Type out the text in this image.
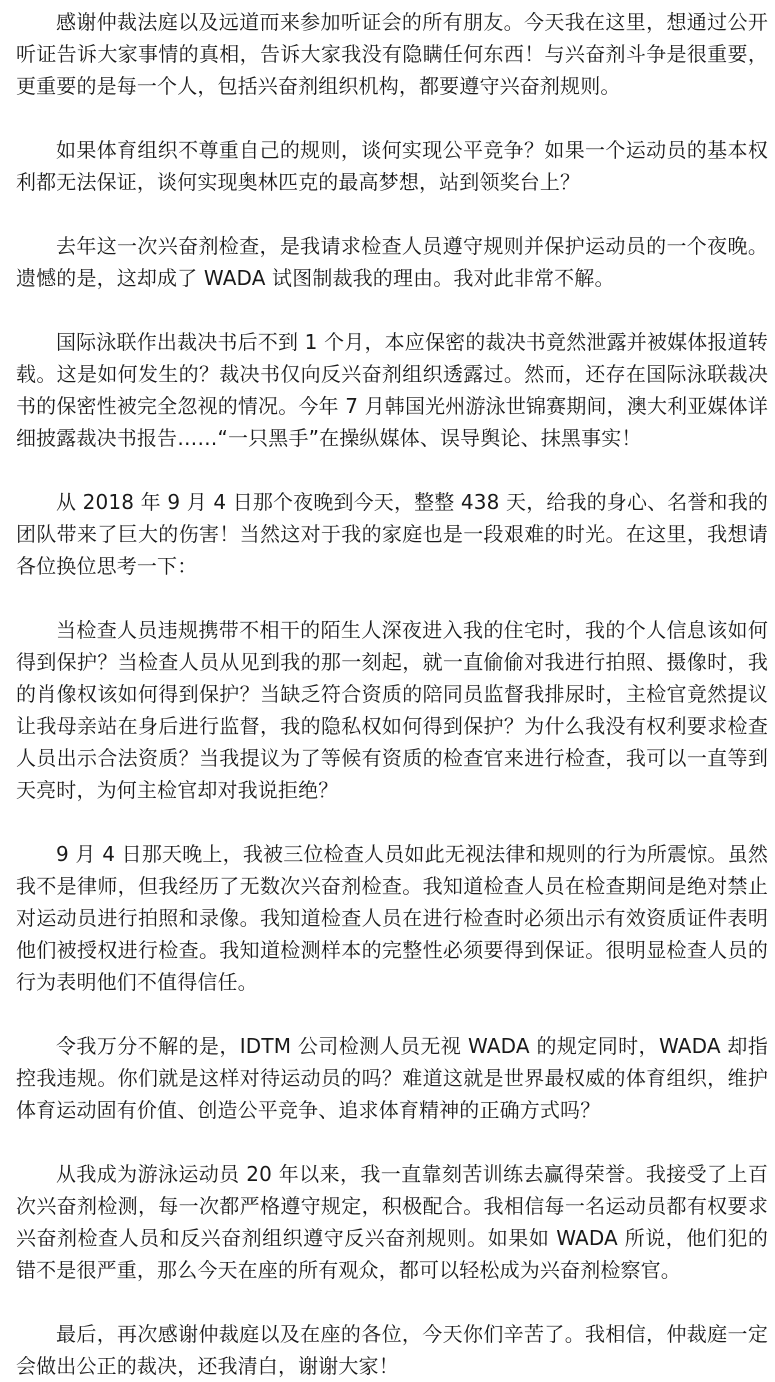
感谢仲裁法庭以及远道而来参加听证会的所有朋友。今天我在这里，想通过公开听证告诉大家事情的真相，告诉大家我没有隐瞒任何东西！与兴奋剂斗争是很重要，更重要的是每一个人，包括兴奋剂组织机构，都要遵守兴奋剂规则。

如果体育组织不尊重自己的规则，谈何实现公平竞争？如果一个运动员的基本权利都无法保证，谈何实现奥林匹克的最高梦想，站到领奖台上？

去年这一次兴奋剂检查，是我请求检查人员遵守规则并保护运动员的一个夜晚。遗憾的是，这却成了 WADA 试图制裁我的理由。我对此非常不解。

国际泳联作出裁决书后不到 1 个月，本应保密的裁决书竟然泄露并被媒体报道转载。这是如何发生的？裁决书仅向反兴奋剂组织透露过。然而，还存在国际泳联裁决书的保密性被完全忽视的情况。今年 7 月韩国光州游泳世锦赛期间，澳大利亚媒体详细披露裁决书报告……“一只黑手”在操纵媒体、误导舆论、抹黑事实！

从 2018 年 9 月 4 日那个夜晚到今天，整整 438 天，给我的身心、名誉和我的团队带来了巨大的伤害！当然这对于我的家庭也是一段艰难的时光。在这里，我想请各位换位思考一下：

当检查人员违规携带不相干的陌生人深夜进入我的住宅时，我的个人信息该如何得到保护？当检查人员从见到我的那一刻起，就一直偷偷对我进行拍照、摄像时，我的肖像权该如何得到保护？当缺乏符合资质的陪同员监督我排尿时，主检官竟然提议让我母亲站在身后进行监督，我的隐私权如何得到保护？为什么我没有权利要求检查人员出示合法资质？当我提议为了等候有资质的检查官来进行检查，我可以一直等到天亮时，为何主检官却对我说拒绝？

9 月 4 日那天晚上，我被三位检查人员如此无视法律和规则的行为所震惊。虽然我不是律师，但我经历了无数次兴奋剂检查。我知道检查人员在检查期间是绝对禁止对运动员进行拍照和录像。我知道检查人员在进行检查时必须出示有效资质证件表明他们被授权进行检查。我知道检测样本的完整性必须要得到保证。很明显检查人员的行为表明他们不值得信任。

令我万分不解的是，IDTM 公司检测人员无视 WADA 的规定同时，WADA 却指控我违规。你们就是这样对待运动员的吗？难道这就是世界最权威的体育组织，维护体育运动固有价值、创造公平竞争、追求体育精神的正确方式吗？

从我成为游泳运动员 20 年以来，我一直靠刻苦训练去赢得荣誉。我接受了上百次兴奋剂检测，每一次都严格遵守规定，积极配合。我相信每一名运动员都有权要求兴奋剂检查人员和反兴奋剂组织遵守反兴奋剂规则。如果如 WADA 所说，他们犯的错不是很严重，那么今天在座的所有观众，都可以轻松成为兴奋剂检察官。

最后，再次感谢仲裁庭以及在座的各位，今天你们辛苦了。我相信，仲裁庭一定会做出公正的裁决，还我清白，谢谢大家！
